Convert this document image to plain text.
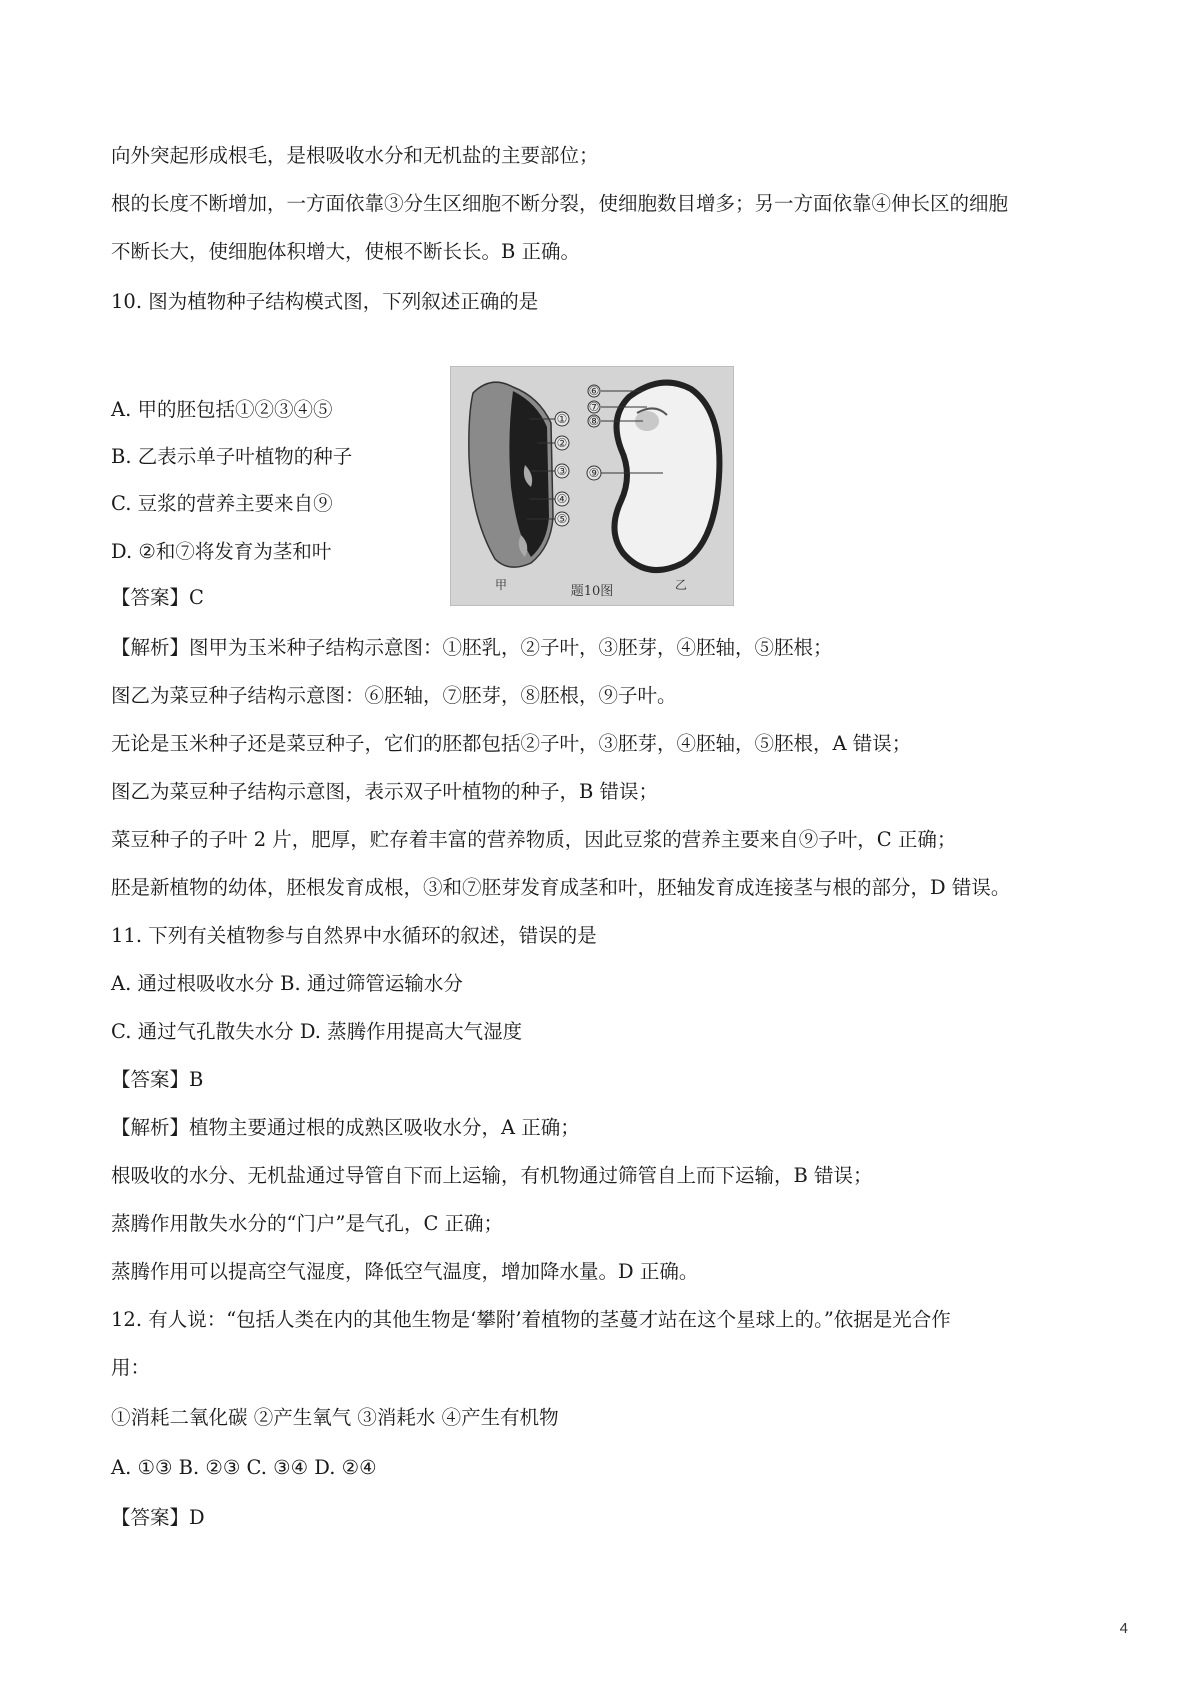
向外突起形成根毛，是根吸收水分和无机盐的主要部位；
根的长度不断增加，一方面依靠③分生区细胞不断分裂，使细胞数目增多；另一方面依靠④伸长区的细胞
不断长大，使细胞体积增大，使根不断长长。B 正确。
10. 图为植物种子结构模式图，下列叙述正确的是
A. 甲的胚包括①②③④⑤
B. 乙表示单子叶植物的种子
C. 豆浆的营养主要来自⑨
D. ②和⑦将发育为茎和叶
【答案】C
【解析】图甲为玉米种子结构示意图：①胚乳，②子叶，③胚芽，④胚轴，⑤胚根；
图乙为菜豆种子结构示意图：⑥胚轴，⑦胚芽，⑧胚根，⑨子叶。
无论是玉米种子还是菜豆种子，它们的胚都包括②子叶，③胚芽，④胚轴，⑤胚根，A 错误；
图乙为菜豆种子结构示意图，表示双子叶植物的种子，B 错误；
菜豆种子的子叶 2 片，肥厚，贮存着丰富的营养物质，因此豆浆的营养主要来自⑨子叶，C 正确；
胚是新植物的幼体，胚根发育成根，③和⑦胚芽发育成茎和叶，胚轴发育成连接茎与根的部分，D 错误。
11. 下列有关植物参与自然界中水循环的叙述，错误的是
A. 通过根吸收水分 B. 通过筛管运输水分
C. 通过气孔散失水分 D. 蒸腾作用提高大气湿度
【答案】B
【解析】植物主要通过根的成熟区吸收水分，A 正确；
根吸收的水分、无机盐通过导管自下而上运输，有机物通过筛管自上而下运输，B 错误；
蒸腾作用散失水分的“门户”是气孔，C 正确；
蒸腾作用可以提高空气湿度，降低空气温度，增加降水量。D 正确。
12. 有人说：“包括人类在内的其他生物是‘攀附’着植物的茎蔓才站在这个星球上的。”依据是光合作
用：
①消耗二氧化碳 ②产生氧气 ③消耗水 ④产生有机物
A. ①③ B. ②③ C. ③④ D. ②④
【答案】D
①
②
③
④
⑤
⑥
⑦
⑧
⑨
甲	乙
题10图
4
